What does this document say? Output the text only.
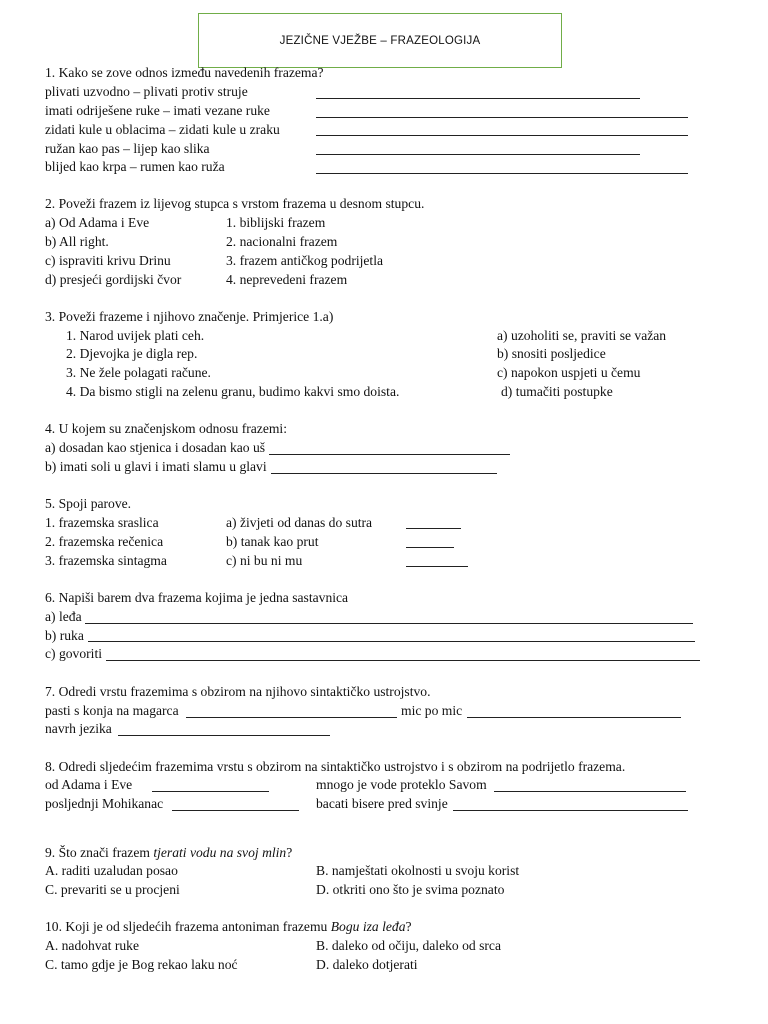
JEZIČNE VJEŽBE – FRAZEOLOGIJA
1. Kako se zove odnos između navedenih frazema?
plivati uzvodno – plivati protiv struje
imati odriješene ruke – imati vezane ruke
zidati kule u oblacima – zidati kule u zraku
ružan kao pas – lijep kao slika
blijed kao krpa – rumen kao ruža
2. Poveži frazem iz lijevog stupca s vrstom frazema u desnom stupcu.
a) Od Adama i Eve	1. biblijski frazem
b) All right.	2. nacionalni frazem
c) ispraviti krivu Drinu	3. frazem antičkog podrijetla
d) presjeći gordijski čvor	4. neprevedeni frazem
3. Poveži frazeme i njihovo značenje. Primjerice 1.a)
1. Narod uvijek plati ceh.	a) uzoholiti se, praviti se važan
2. Djevojka je digla rep.	b) snositi posljedice
3. Ne žele polagati račune.	c) napokon uspjeti u čemu
4. Da bismo stigli na zelenu granu, budimo kakvi smo doista.	d) tumačiti postupke
4. U kojem su značenjskom odnosu frazemi:
a) dosadan kao stjenica i dosadan kao uš
b) imati soli u glavi i imati slamu u glavi
5. Spoji parove.
1. frazemska sraslica	a) živjeti od danas do sutra
2. frazemska rečenica	b) tanak kao prut
3. frazemska sintagma	c) ni bu ni mu
6. Napiši barem dva frazema kojima je jedna sastavnica
a) leđa
b) ruka
c) govoriti
7. Odredi vrstu frazemima s obzirom na njihovo sintaktičko ustrojstvo.
pasti s konja na magarca	mic po mic
navrh jezika
8. Odredi sljedećim frazemima vrstu s obzirom na sintaktičko ustrojstvo i s obzirom na podrijetlo frazema.
od Adama i Eve	mnogo je vode proteklo Savom
posljednji Mohikanac	bacati bisere pred svinje
9. Što znači frazem tjerati vodu na svoj mlin?
A. raditi uzaludan posao	B. namještati okolnosti u svoju korist
C. prevariti se u procjeni	D. otkriti ono što je svima poznato
10. Koji je od sljedećih frazema antoniman frazemu Bogu iza leđa?
A. nadohvat ruke	B. daleko od očiju, daleko od srca
C. tamo gdje je Bog rekao laku noć	D. daleko dotjerati
